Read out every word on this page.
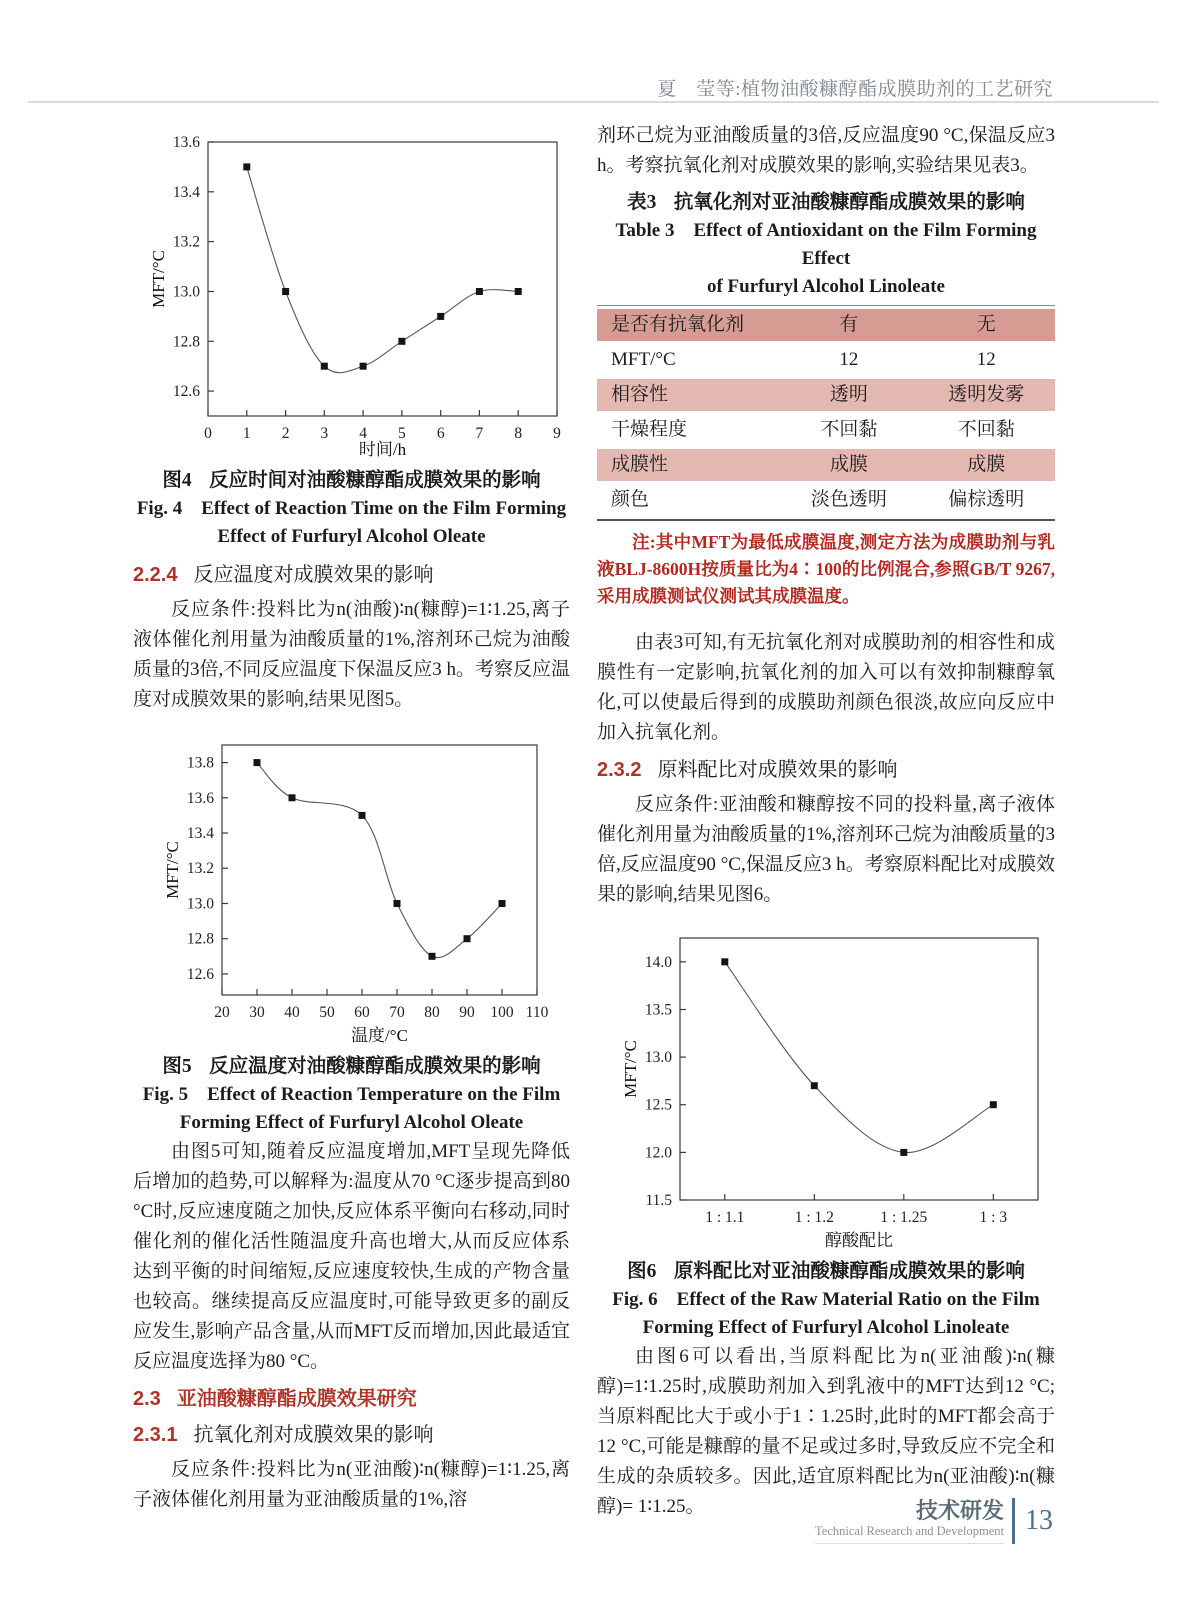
夏　莹等:植物油酸糠醇酯成膜助剂的工艺研究
12.6
12.8
13.0
13.2
13.4
13.6
0 1 2 3 4 5 6 7 8 9
MFT/°C
时间/h
图4 反应时间对油酸糠醇酯成膜效果的影响
Fig. 4 Effect of Reaction Time on the Film Forming
Effect of Furfuryl Alcohol Oleate
2.2.4 反应温度对成膜效果的影响

反应条件:投料比为n(油酸)∶n(糠醇)=1∶1.25,离子液体催化剂用量为油酸质量的1%,溶剂环己烷为油酸质量的3倍,不同反应温度下保温反应3 h。考察反应温度对成膜效果的影响,结果见图5。

12.6
12.8
13.0
13.2
13.4
13.6
13.8
20 30 40 50 60 70 80 90 100 110
MFT/°C
温度/°C
图5 反应温度对油酸糠醇酯成膜效果的影响
Fig. 5 Effect of Reaction Temperature on the Film
Forming Effect of Furfuryl Alcohol Oleate

由图5可知,随着反应温度增加,MFT呈现先降低后增加的趋势,可以解释为:温度从70 °C逐步提高到80 °C时,反应速度随之加快,反应体系平衡向右移动,同时催化剂的催化活性随温度升高也增大,从而反应体系达到平衡的时间缩短,反应速度较快,生成的产物含量也较高。继续提高反应温度时,可能导致更多的副反应发生,影响产品含量,从而MFT反而增加,因此最适宜反应温度选择为80 °C。

2.3 亚油酸糠醇酯成膜效果研究
2.3.1 抗氧化剂对成膜效果的影响

反应条件:投料比为n(亚油酸)∶n(糠醇)=1∶1.25,离子液体催化剂用量为亚油酸质量的1%,溶

剂环己烷为亚油酸质量的3倍,反应温度90 °C,保温反应3 h。考察抗氧化剂对成膜效果的影响,实验结果见表3。

表3 抗氧化剂对亚油酸糠醇酯成膜效果的影响
Table 3 Effect of Antioxidant on the Film Forming Effect
of Furfuryl Alcohol Linoleate
是否有抗氧化剂	有	无
MFT/°C	12	12
相容性	透明	透明发雾
干燥程度	不回黏	不回黏
成膜性	成膜	成膜
颜色	淡色透明	偏棕透明

注:其中MFT为最低成膜温度,测定方法为成膜助剂与乳液BLJ-8600H按质量比为4∶100的比例混合,参照GB/T 9267,采用成膜测试仪测试其成膜温度。

由表3可知,有无抗氧化剂对成膜助剂的相容性和成膜性有一定影响,抗氧化剂的加入可以有效抑制糠醇氧化,可以使最后得到的成膜助剂颜色很淡,故应向反应中加入抗氧化剂。

2.3.2 原料配比对成膜效果的影响

反应条件:亚油酸和糠醇按不同的投料量,离子液体催化剂用量为油酸质量的1%,溶剂环己烷为油酸质量的3倍,反应温度90 °C,保温反应3 h。考察原料配比对成膜效果的影响,结果见图6。

11.5
12.0
12.5
13.0
13.5
14.0
1 : 1.1	1 : 1.2	1 : 1.25	1 : 3
MFT/°C
醇酸配比
图6 原料配比对亚油酸糠醇酯成膜效果的影响
Fig. 6 Effect of the Raw Material Ratio on the Film
Forming Effect of Furfuryl Alcohol Linoleate

由图6可以看出,当原料配比为n(亚油酸)∶n(糠醇)=1∶1.25时,成膜助剂加入到乳液中的MFT达到12 °C;当原料配比大于或小于1∶1.25时,此时的MFT都会高于12 °C,可能是糠醇的量不足或过多时,导致反应不完全和生成的杂质较多。因此,适宜原料配比为n(亚油酸)∶n(糠醇)= 1∶1.25。	技术研发
Technical Research and Development 13
